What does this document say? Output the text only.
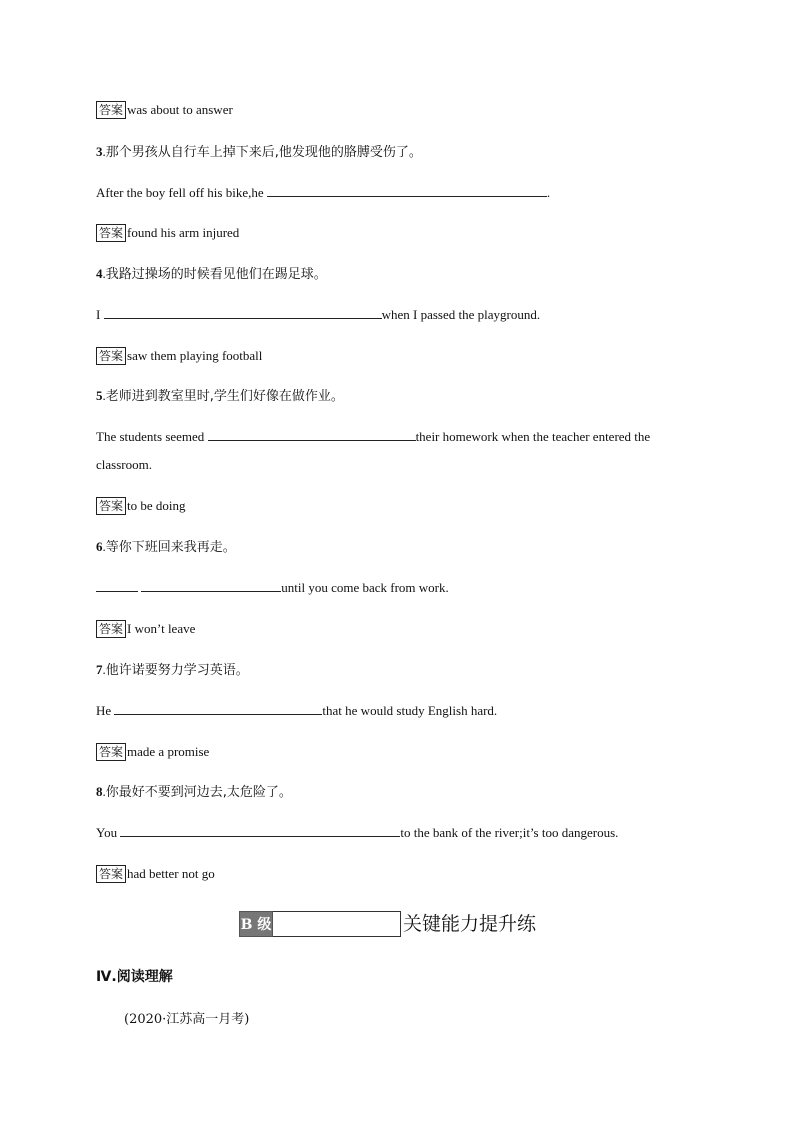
答案 was about to answer
3.那个男孩从自行车上掉下来后,他发现他的胳膊受伤了。
After the boy fell off his bike,he	.
答案 found his arm injured
4.我路过操场的时候看见他们在踢足球。
I	when I passed the playground.
答案 saw them playing football
5.老师进到教室里时,学生们好像在做作业。
The students seemed	their homework when the teacher entered the
classroom.
答案 to be doing
6.等你下班回来我再走。
until you come back from work.
答案 I won’t leave
7.他许诺要努力学习英语。
He	that he would study English hard.
答案 made a promise
8.你最好不要到河边去,太危险了。
You	to the bank of the river;it’s too dangerous.
答案 had better not go
B 级	关键能力提升练
Ⅳ.阅读理解
(2020·江苏高一月考)
